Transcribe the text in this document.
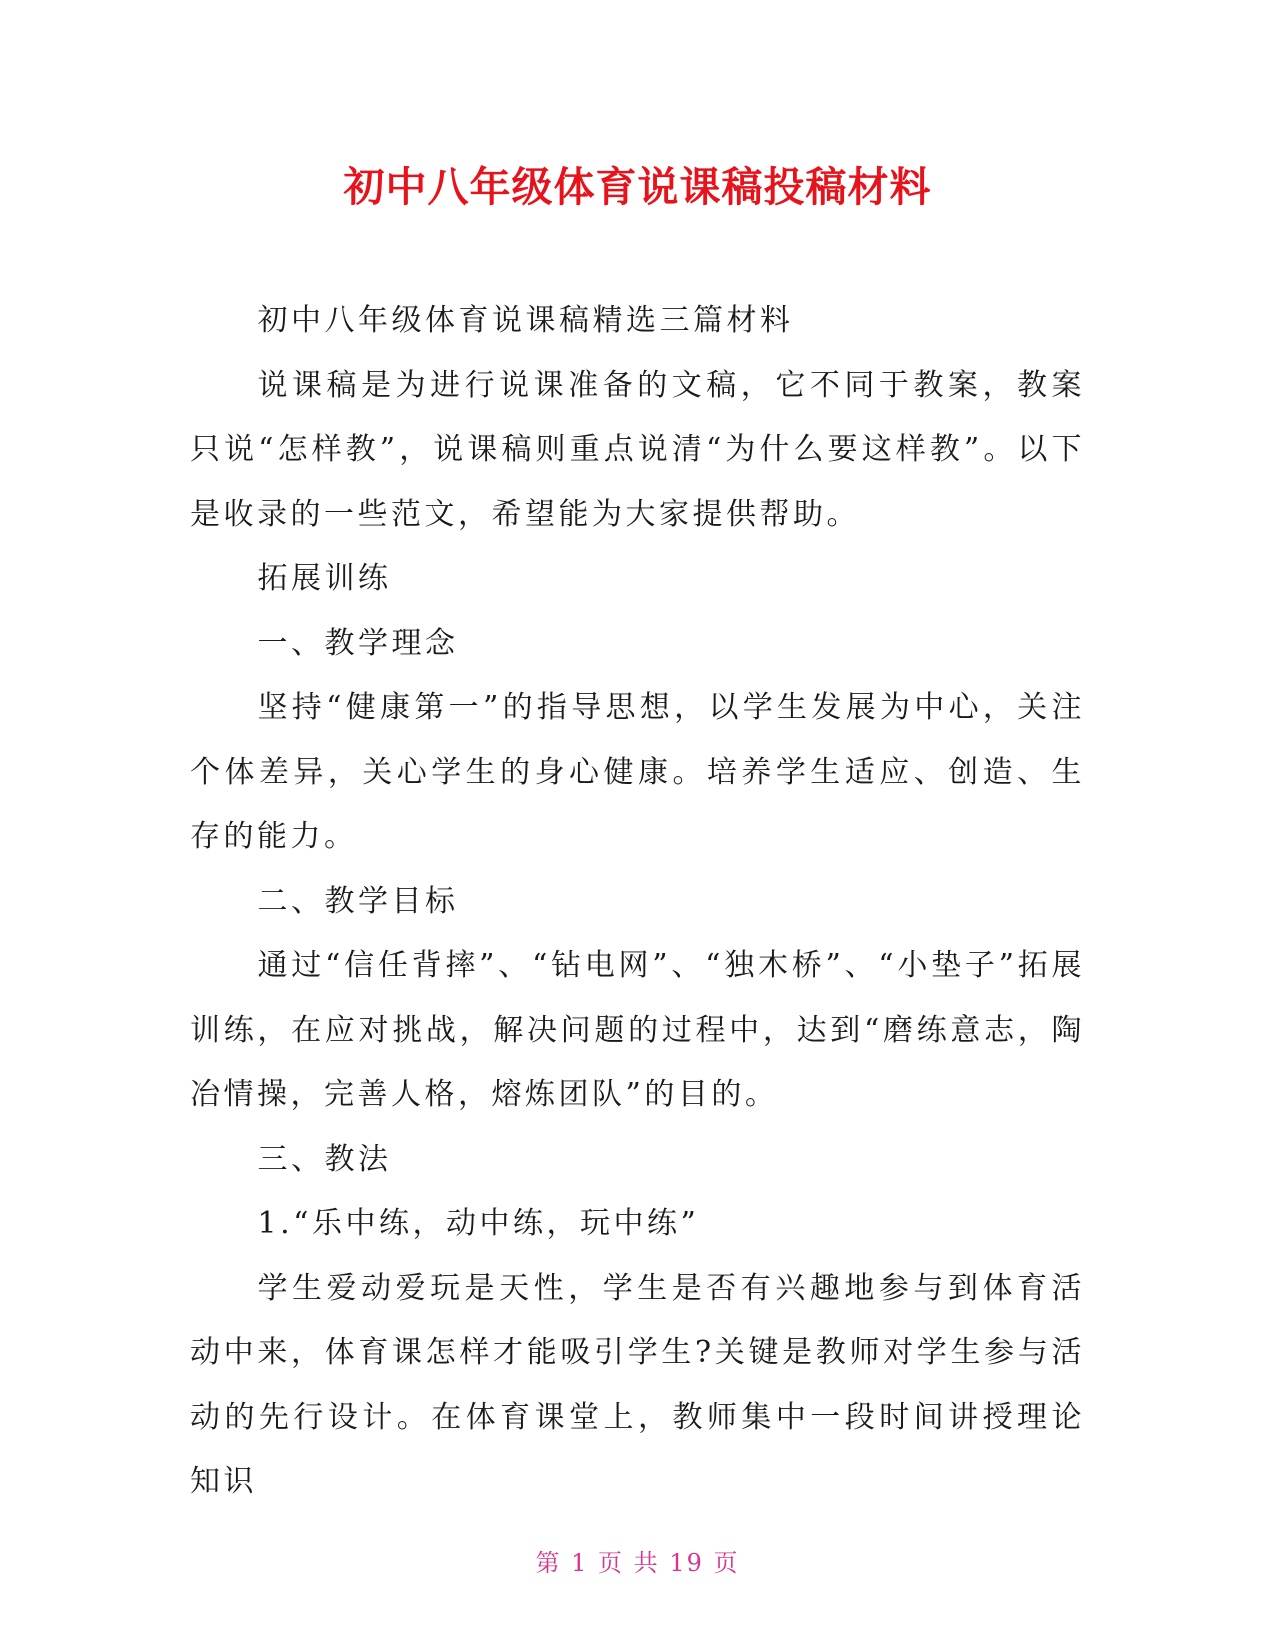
初中八年级体育说课稿投稿材料

初中八年级体育说课稿精选三篇材料

说课稿是为进行说课准备的文稿，它不同于教案，教案只说“怎样教”，说课稿则重点说清“为什么要这样教”。以下是收录的一些范文，希望能为大家提供帮助。

拓展训练

一、教学理念

坚持“健康第一”的指导思想，以学生发展为中心，关注个体差异，关心学生的身心健康。培养学生适应、创造、生存的能力。

二、教学目标

通过“信任背摔”、“钻电网”、“独木桥”、“小垫子”拓展训练，在应对挑战，解决问题的过程中，达到“磨练意志，陶冶情操，完善人格，熔炼团队”的目的。

三、教法

1.“乐中练，动中练，玩中练”

学生爱动爱玩是天性，学生是否有兴趣地参与到体育活动中来，体育课怎样才能吸引学生?关键是教师对学生参与活动的先行设计。在体育课堂上，教师集中一段时间讲授理论知识

第 1 页 共 19 页
